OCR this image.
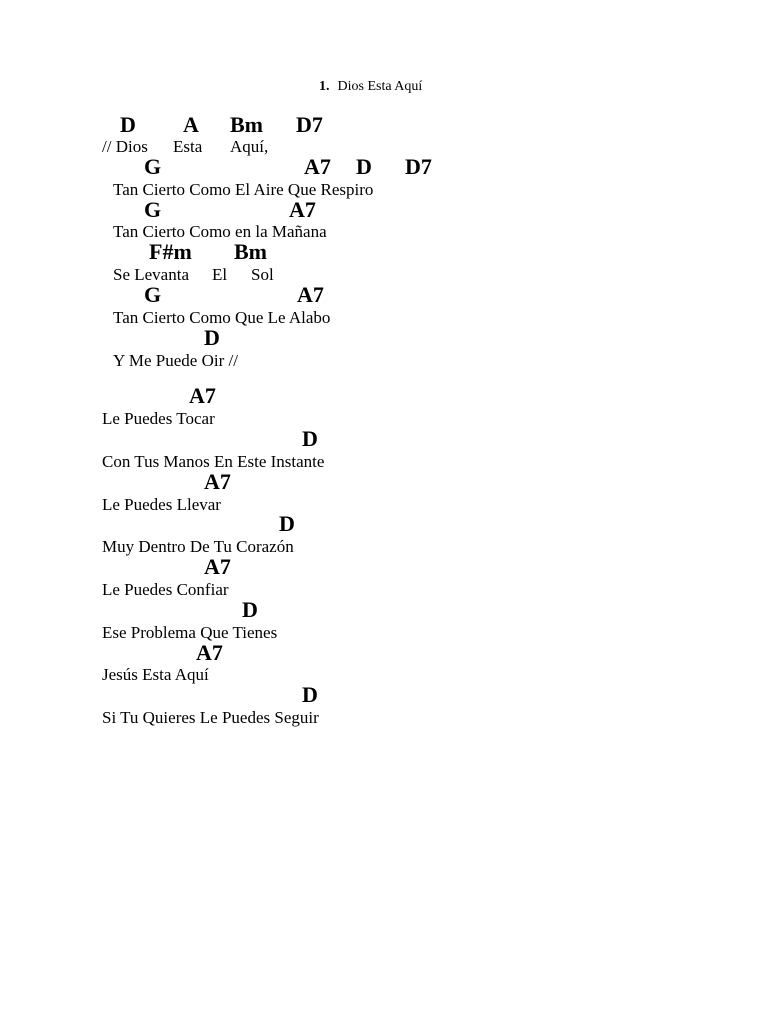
1. Dios Esta Aquí
D A Bm D7
// Dios Esta Aquí,
G	A7 D D7
Tan Cierto Como El Aire Que Respiro
G	A7
Tan Cierto Como en la Mañana
F#m Bm
Se Levanta El Sol
G	A7
Tan Cierto Como Que Le Alabo
D
Y Me Puede Oir //
A7
Le Puedes Tocar
D
Con Tus Manos En Este Instante
A7
Le Puedes Llevar
D
Muy Dentro De Tu Corazón
A7
Le Puedes Confiar
D
Ese Problema Que Tienes
A7
Jesús Esta Aquí
D
Si Tu Quieres Le Puedes Seguir
